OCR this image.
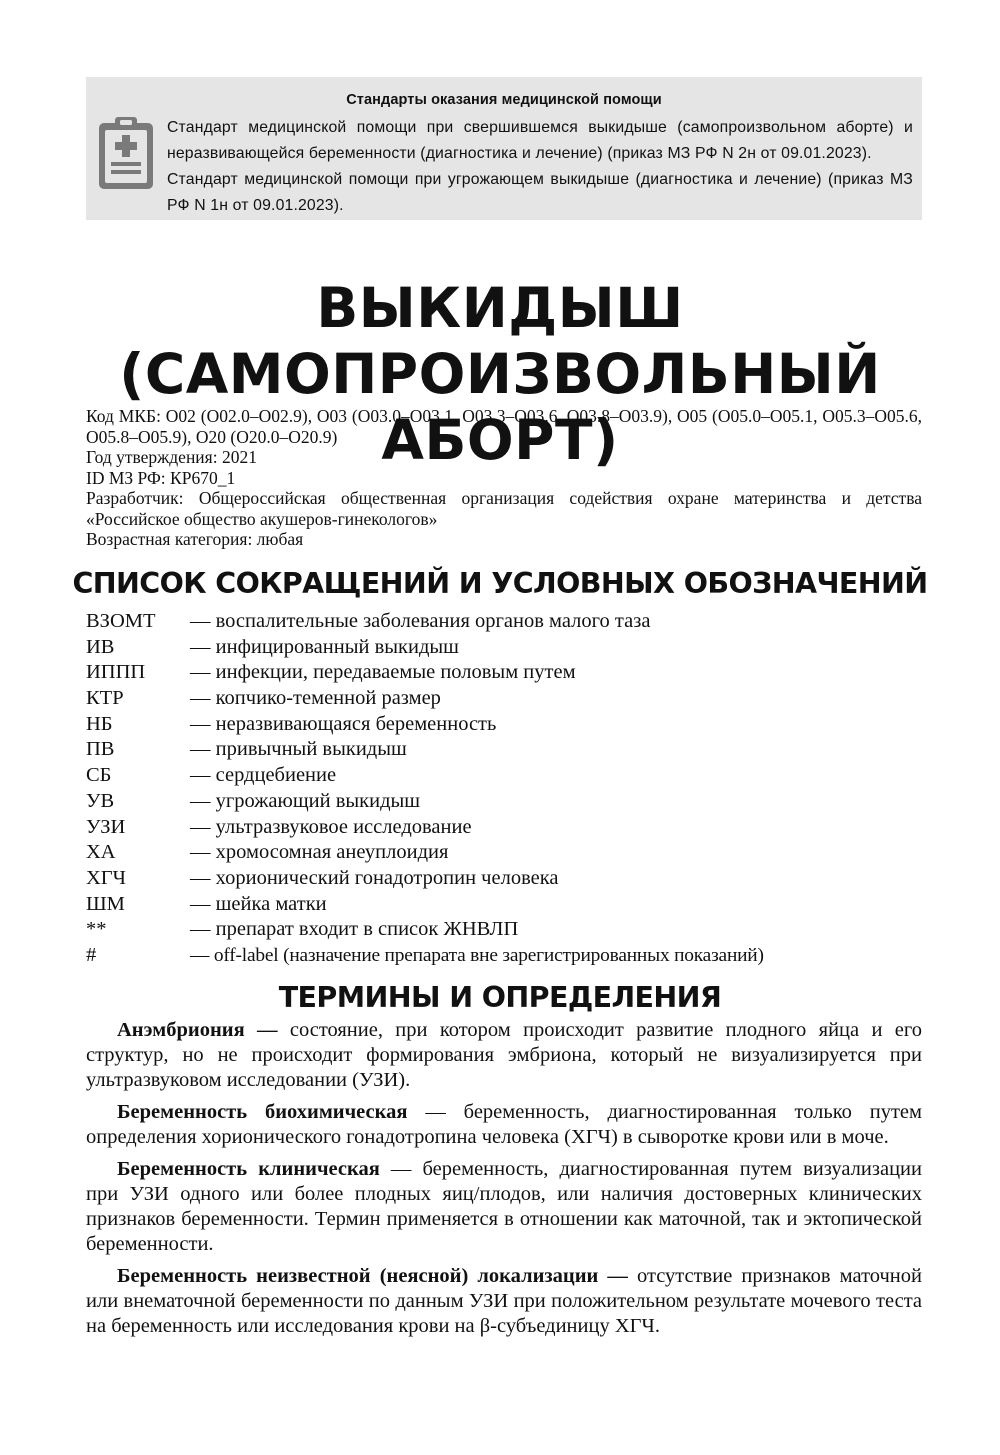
Стандарты оказания медицинской помощи

Стандарт медицинской помощи при свершившемся выкидыше (самопроизвольном аборте) и неразвивающейся беременности (диагностика и лечение) (приказ МЗ РФ N 2н от 09.01.2023).

Стандарт медицинской помощи при угрожающем выкидыше (диагностика и лечение) (приказ МЗ РФ N 1н от 09.01.2023).

ВЫКИДЫШ
(САМОПРОИЗВОЛЬНЫЙ АБОРТ)
Код МКБ: O02 (O02.0–O02.9), O03 (O03.0–O03.1, O03.3–O03.6, O03.8–O03.9), O05 (O05.0–O05.1, O05.3–O05.6, O05.8–O05.9), O20 (O20.0–O20.9)
Год утверждения: 2021
ID МЗ РФ: КР670_1
Разработчик: Общероссийская общественная организация содействия охране материнства и детства «Российское общество акушеров-гинекологов»
Возрастная категория: любая
СПИСОК СОКРАЩЕНИЙ И УСЛОВНЫХ ОБОЗНАЧЕНИЙ
ВЗОМТ	— воспалительные заболевания органов малого таза
ИВ	— инфицированный выкидыш
ИППП	— инфекции, передаваемые половым путем
КТР	— копчико-теменной размер
НБ	— неразвивающаяся беременность
ПВ	— привычный выкидыш
СБ	— сердцебиение
УВ	— угрожающий выкидыш
УЗИ	— ультразвуковое исследование
ХА	— хромосомная анеуплоидия
ХГЧ	— хорионический гонадотропин человека
ШМ	— шейка матки
**	— препарат входит в список ЖНВЛП
#	— off-label (назначение препарата вне зарегистрированных показаний)
ТЕРМИНЫ И ОПРЕДЕЛЕНИЯ

Анэмбриония — состояние, при котором происходит развитие плодного яйца и его структур, но не происходит формирования эмбриона, который не визуализируется при ультразвуковом исследовании (УЗИ).

Беременность биохимическая — беременность, диагностированная только путем определения хорионического гонадотропина человека (ХГЧ) в сыворотке крови или в моче.

Беременность клиническая — беременность, диагностированная путем визуализации при УЗИ одного или более плодных яиц/плодов, или наличия достоверных клинических признаков беременности. Термин применяется в отношении как маточной, так и эктопической беременности.

Беременность неизвестной (неясной) локализации — отсутствие признаков маточной или внематочной беременности по данным УЗИ при положительном результате мочевого теста на беременность или исследования крови на β-субъединицу ХГЧ.
